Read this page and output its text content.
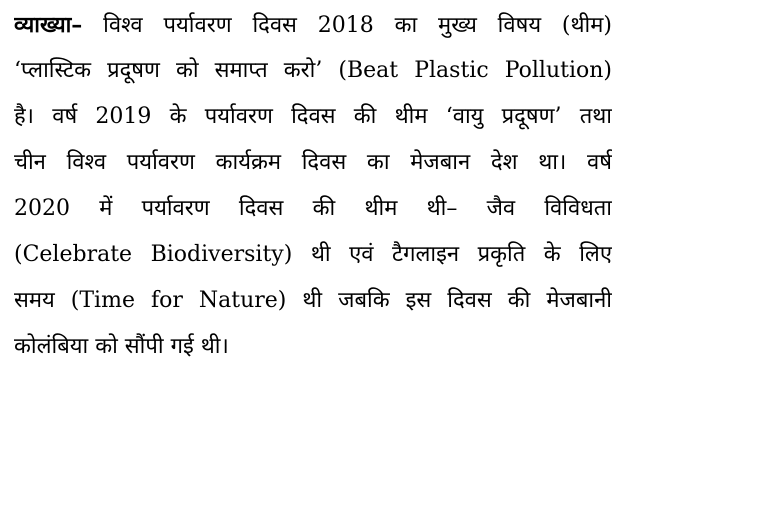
व्याख्या– विश्व पर्यावरण दिवस 2018 का मुख्य विषय (थीम)
‘प्लास्टिक प्रदूषण को समाप्त करो’ (Beat Plastic Pollution)
है। वर्ष 2019 के पर्यावरण दिवस की थीम ‘वायु प्रदूषण’ तथा
चीन विश्व पर्यावरण कार्यक्रम दिवस का मेजबान देश था। वर्ष
2020 में पर्यावरण दिवस की थीम थी– जैव विविधता
(Celebrate Biodiversity) थी एवं टैगलाइन प्रकृति के लिए
समय (Time for Nature) थी जबकि इस दिवस की मेजबानी
कोलंबिया को सौंपी गई थी।
